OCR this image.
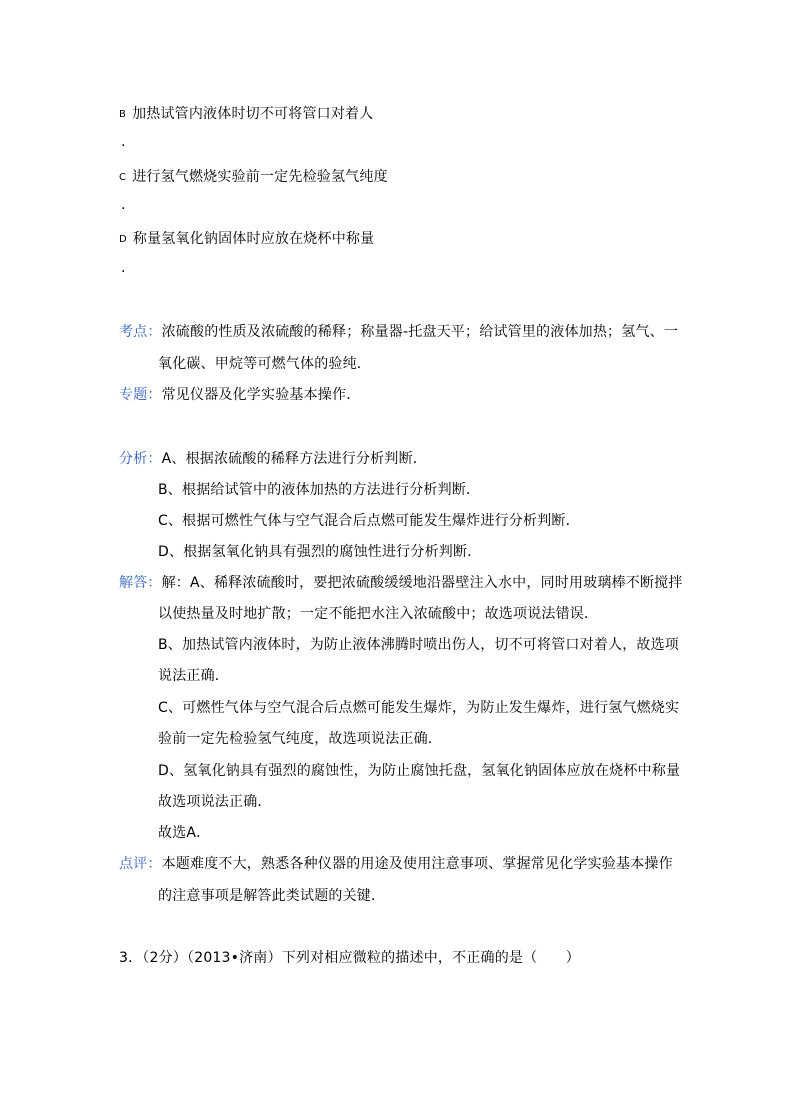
B 加热试管内液体时切不可将管口对着人
.
C 进行氢气燃烧实验前一定先检验氢气纯度
.
D 称量氢氧化钠固体时应放在烧杯中称量
.
考点：浓硫酸的性质及浓硫酸的稀释；称量器-托盘天平；给试管里的液体加热；氢气、一
氧化碳、甲烷等可燃气体的验纯．
专题：常见仪器及化学实验基本操作．
分析：A、根据浓硫酸的稀释方法进行分析判断．
B、根据给试管中的液体加热的方法进行分析判断．
C、根据可燃性气体与空气混合后点燃可能发生爆炸进行分析判断．
D、根据氢氧化钠具有强烈的腐蚀性进行分析判断．
解答：解：A、稀释浓硫酸时，要把浓硫酸缓缓地沿器壁注入水中，同时用玻璃棒不断搅拌
以使热量及时地扩散；一定不能把水注入浓硫酸中；故选项说法错误．
B、加热试管内液体时，为防止液体沸腾时喷出伤人，切不可将管口对着人，故选项
说法正确．
C、可燃性气体与空气混合后点燃可能发生爆炸，为防止发生爆炸，进行氢气燃烧实
验前一定先检验氢气纯度，故选项说法正确．
D、氢氧化钠具有强烈的腐蚀性，为防止腐蚀托盘，氢氧化钠固体应放在烧杯中称量
故选项说法正确．
故选A．
点评：本题难度不大，熟悉各种仪器的用途及使用注意事项、掌握常见化学实验基本操作
的注意事项是解答此类试题的关键．
3．（2分）（2013•济南）下列对相应微粒的描述中，不正确的是（　　）
